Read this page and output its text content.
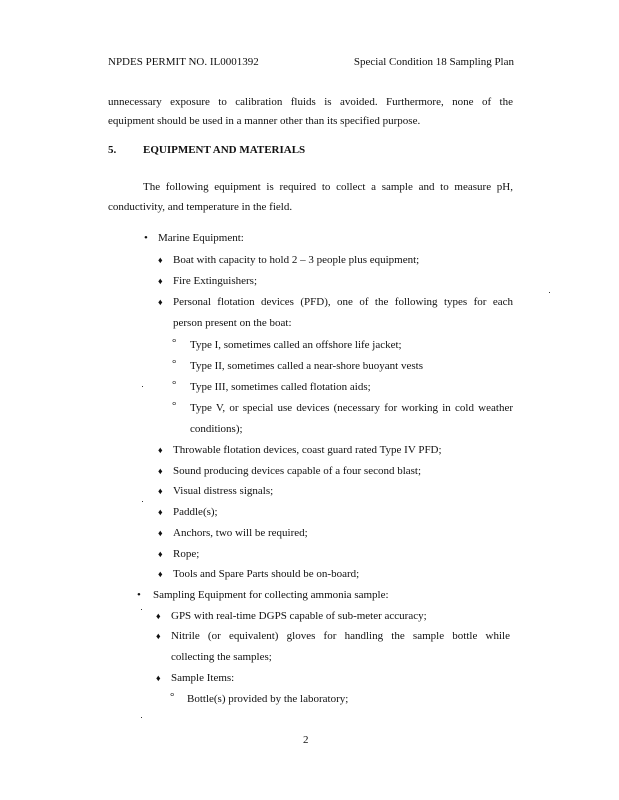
NPDES PERMIT NO. IL0001392	Special Condition 18 Sampling Plan
unnecessary exposure to calibration fluids is avoided. Furthermore, none of the
equipment should be used in a manner other than its specified purpose.
5. EQUIPMENT AND MATERIALS
The following equipment is required to collect a sample and to measure pH,
conductivity, and temperature in the field.
• Marine Equipment:
♦ Boat with capacity to hold 2 – 3 people plus equipment;
♦ Fire Extinguishers;
♦ Personal flotation devices (PFD), one of the following types for each
person present on the boat:
° Type I, sometimes called an offshore life jacket;
° Type II, sometimes called a near-shore buoyant vests
° Type III, sometimes called flotation aids;
° Type V, or special use devices (necessary for working in cold weather
conditions);
♦ Throwable flotation devices, coast guard rated Type IV PFD;
♦ Sound producing devices capable of a four second blast;
♦ Visual distress signals;
♦ Paddle(s);
♦ Anchors, two will be required;
♦ Rope;
♦ Tools and Spare Parts should be on-board;
• Sampling Equipment for collecting ammonia sample:
♦ GPS with real-time DGPS capable of sub-meter accuracy;
♦ Nitrile (or equivalent) gloves for handling the sample bottle while
collecting the samples;
♦ Sample Items:
° Bottle(s) provided by the laboratory;
2
